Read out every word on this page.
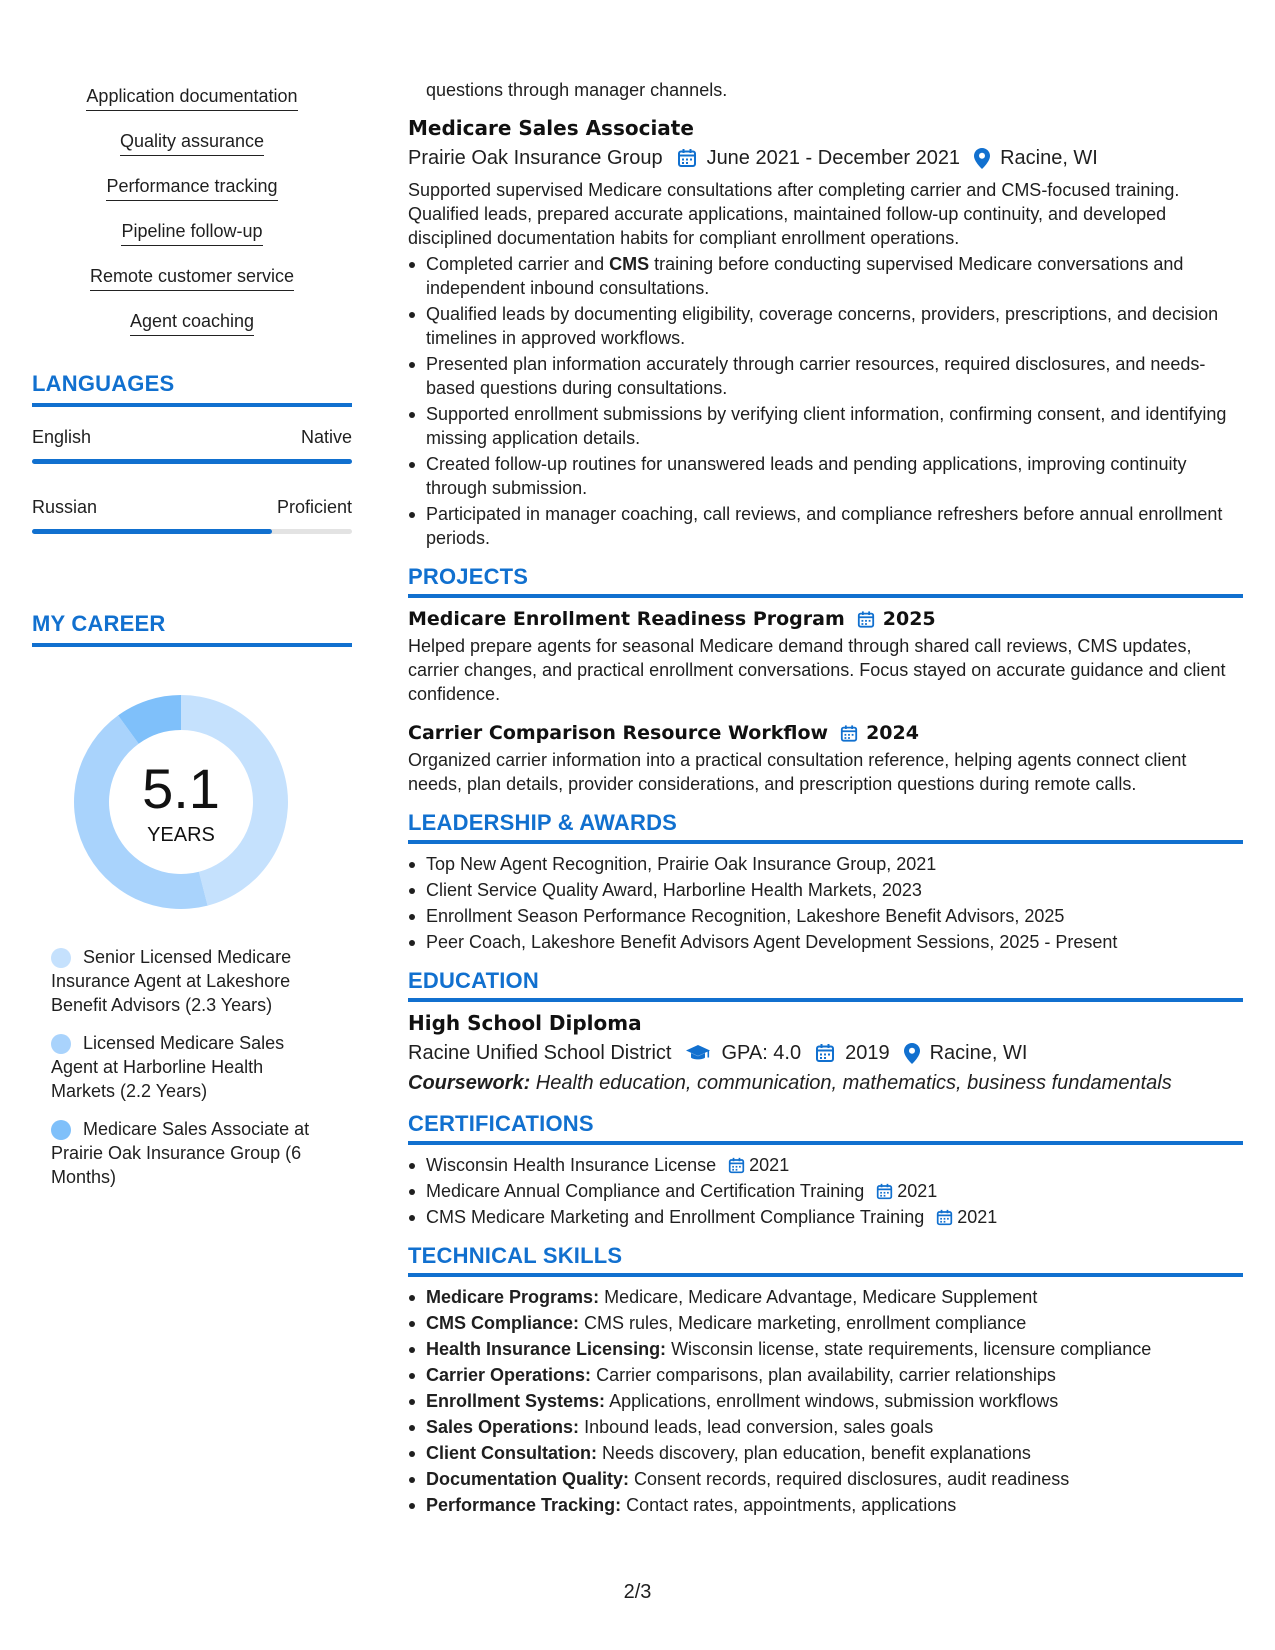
Application documentation
Quality assurance
Performance tracking
Pipeline follow-up
Remote customer service
Agent coaching
LANGUAGES
English	Native
Russian	Proficient
MY CAREER
5.1
YEARS
Senior Licensed Medicare Insurance Agent at Lakeshore Benefit Advisors (2.3 Years)
Licensed Medicare Sales Agent at Harborline Health Markets (2.2 Years)
Medicare Sales Associate at Prairie Oak Insurance Group (6 Months)
questions through manager channels.
Medicare Sales Associate
Prairie Oak Insurance Group June 2021 - December 2021 Racine, WI
Supported supervised Medicare consultations after completing carrier and CMS-focused training. Qualified leads, prepared accurate applications, maintained follow-up continuity, and developed disciplined documentation habits for compliant enrollment operations.
Completed carrier and CMS training before conducting supervised Medicare conversations and independent inbound consultations.
Qualified leads by documenting eligibility, coverage concerns, providers, prescriptions, and decision timelines in approved workflows.
Presented plan information accurately through carrier resources, required disclosures, and needs-based questions during consultations.
Supported enrollment submissions by verifying client information, confirming consent, and identifying missing application details.
Created follow-up routines for unanswered leads and pending applications, improving continuity through submission.
Participated in manager coaching, call reviews, and compliance refreshers before annual enrollment periods.
PROJECTS
Medicare Enrollment Readiness Program 2025
Helped prepare agents for seasonal Medicare demand through shared call reviews, CMS updates, carrier changes, and practical enrollment conversations. Focus stayed on accurate guidance and client confidence.
Carrier Comparison Resource Workflow 2024
Organized carrier information into a practical consultation reference, helping agents connect client needs, plan details, provider considerations, and prescription questions during remote calls.
LEADERSHIP & AWARDS
Top New Agent Recognition, Prairie Oak Insurance Group, 2021
Client Service Quality Award, Harborline Health Markets, 2023
Enrollment Season Performance Recognition, Lakeshore Benefit Advisors, 2025
Peer Coach, Lakeshore Benefit Advisors Agent Development Sessions, 2025 - Present
EDUCATION
High School Diploma
Racine Unified School District	GPA: 4.0 2019 Racine, WI
Coursework: Health education, communication, mathematics, business fundamentals
CERTIFICATIONS
Wisconsin Health Insurance License 2021
Medicare Annual Compliance and Certification Training 2021
CMS Medicare Marketing and Enrollment Compliance Training 2021
TECHNICAL SKILLS
Medicare Programs: Medicare, Medicare Advantage, Medicare Supplement
CMS Compliance: CMS rules, Medicare marketing, enrollment compliance
Health Insurance Licensing: Wisconsin license, state requirements, licensure compliance
Carrier Operations: Carrier comparisons, plan availability, carrier relationships
Enrollment Systems: Applications, enrollment windows, submission workflows
Sales Operations: Inbound leads, lead conversion, sales goals
Client Consultation: Needs discovery, plan education, benefit explanations
Documentation Quality: Consent records, required disclosures, audit readiness
Performance Tracking: Contact rates, appointments, applications
2/3
